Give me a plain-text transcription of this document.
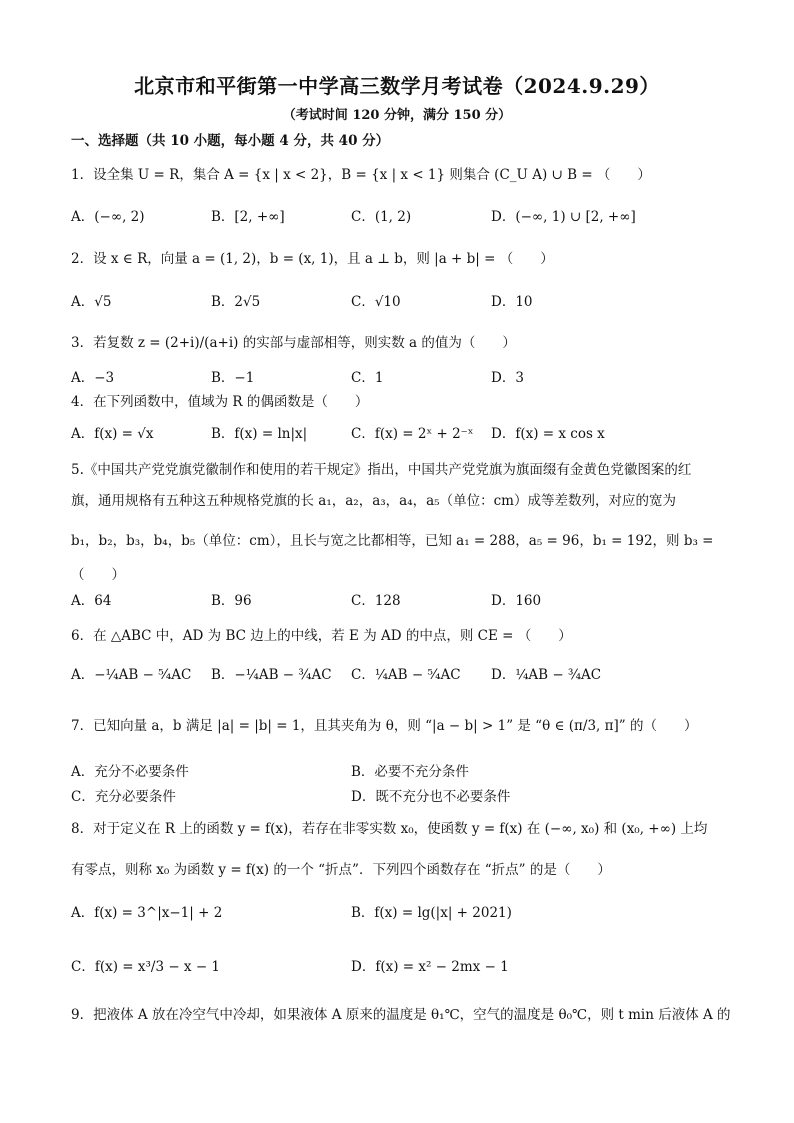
北京市和平街第一中学高三数学月考试卷（2024.9.29）
（考试时间 120 分钟，满分 150 分）
一、选择题（共 10 小题，每小题 4 分，共 40 分）
1．设全集 U = R，集合 A = {x | x < 2}，B = {x | x < 1} 则集合 (C_U A) ∪ B = （　　）
A．(−∞, 2)	B．[2, +∞]	C．(1, 2)	D．(−∞, 1) ∪ [2, +∞]
2．设 x ∈ R，向量 a = (1, 2)，b = (x, 1)，且 a ⊥ b，则 |a + b| = （　　）
A．√5	B．2√5	C．√10	D．10
3．若复数 z = (2+i)/(a+i) 的实部与虚部相等，则实数 a 的值为（　　）
A．−3	B．−1	C．1	D．3
4．在下列函数中，值域为 R 的偶函数是（　　）
A．f(x) = √x	B．f(x) = ln|x|	C．f(x) = 2ˣ + 2⁻ˣ D．f(x) = x cos x
5.《中国共产党党旗党徽制作和使用的若干规定》指出，中国共产党党旗为旗面缀有金黄色党徽图案的红
旗，通用规格有五种这五种规格党旗的长 a₁，a₂，a₃，a₄，a₅（单位：cm）成等差数列，对应的宽为
b₁，b₂，b₃，b₄，b₅（单位：cm），且长与宽之比都相等，已知 a₁ = 288，a₅ = 96，b₁ = 192，则 b₃ =
（　　）
A．64	B．96	C．128	D．160
6．在 △ABC 中，AD 为 BC 边上的中线，若 E 为 AD 的中点，则 CE = （　　）
A．−¼AB − ⁵⁄₄AC B．−¼AB − ¾AC C．¼AB − ⁵⁄₄AC D．¼AB − ¾AC
7．已知向量 a，b 满足 |a| = |b| = 1，且其夹角为 θ，则 “|a − b| > 1” 是 “θ ∈ (π/3, π]” 的（　　）
A．充分不必要条件	B．必要不充分条件
C．充分必要条件	D．既不充分也不必要条件
8．对于定义在 R 上的函数 y = f(x)，若存在非零实数 x₀，使函数 y = f(x) 在 (−∞, x₀) 和 (x₀, +∞) 上均
有零点，则称 x₀ 为函数 y = f(x) 的一个 “折点”．下列四个函数存在 “折点” 的是（　　）
A．f(x) = 3^|x−1| + 2	B．f(x) = lg(|x| + 2021)
C．f(x) = x³/3 − x − 1	D．f(x) = x² − 2mx − 1
9．把液体 A 放在冷空气中冷却，如果液体 A 原来的温度是 θ₁℃，空气的温度是 θ₀℃，则 t min 后液体 A 的
